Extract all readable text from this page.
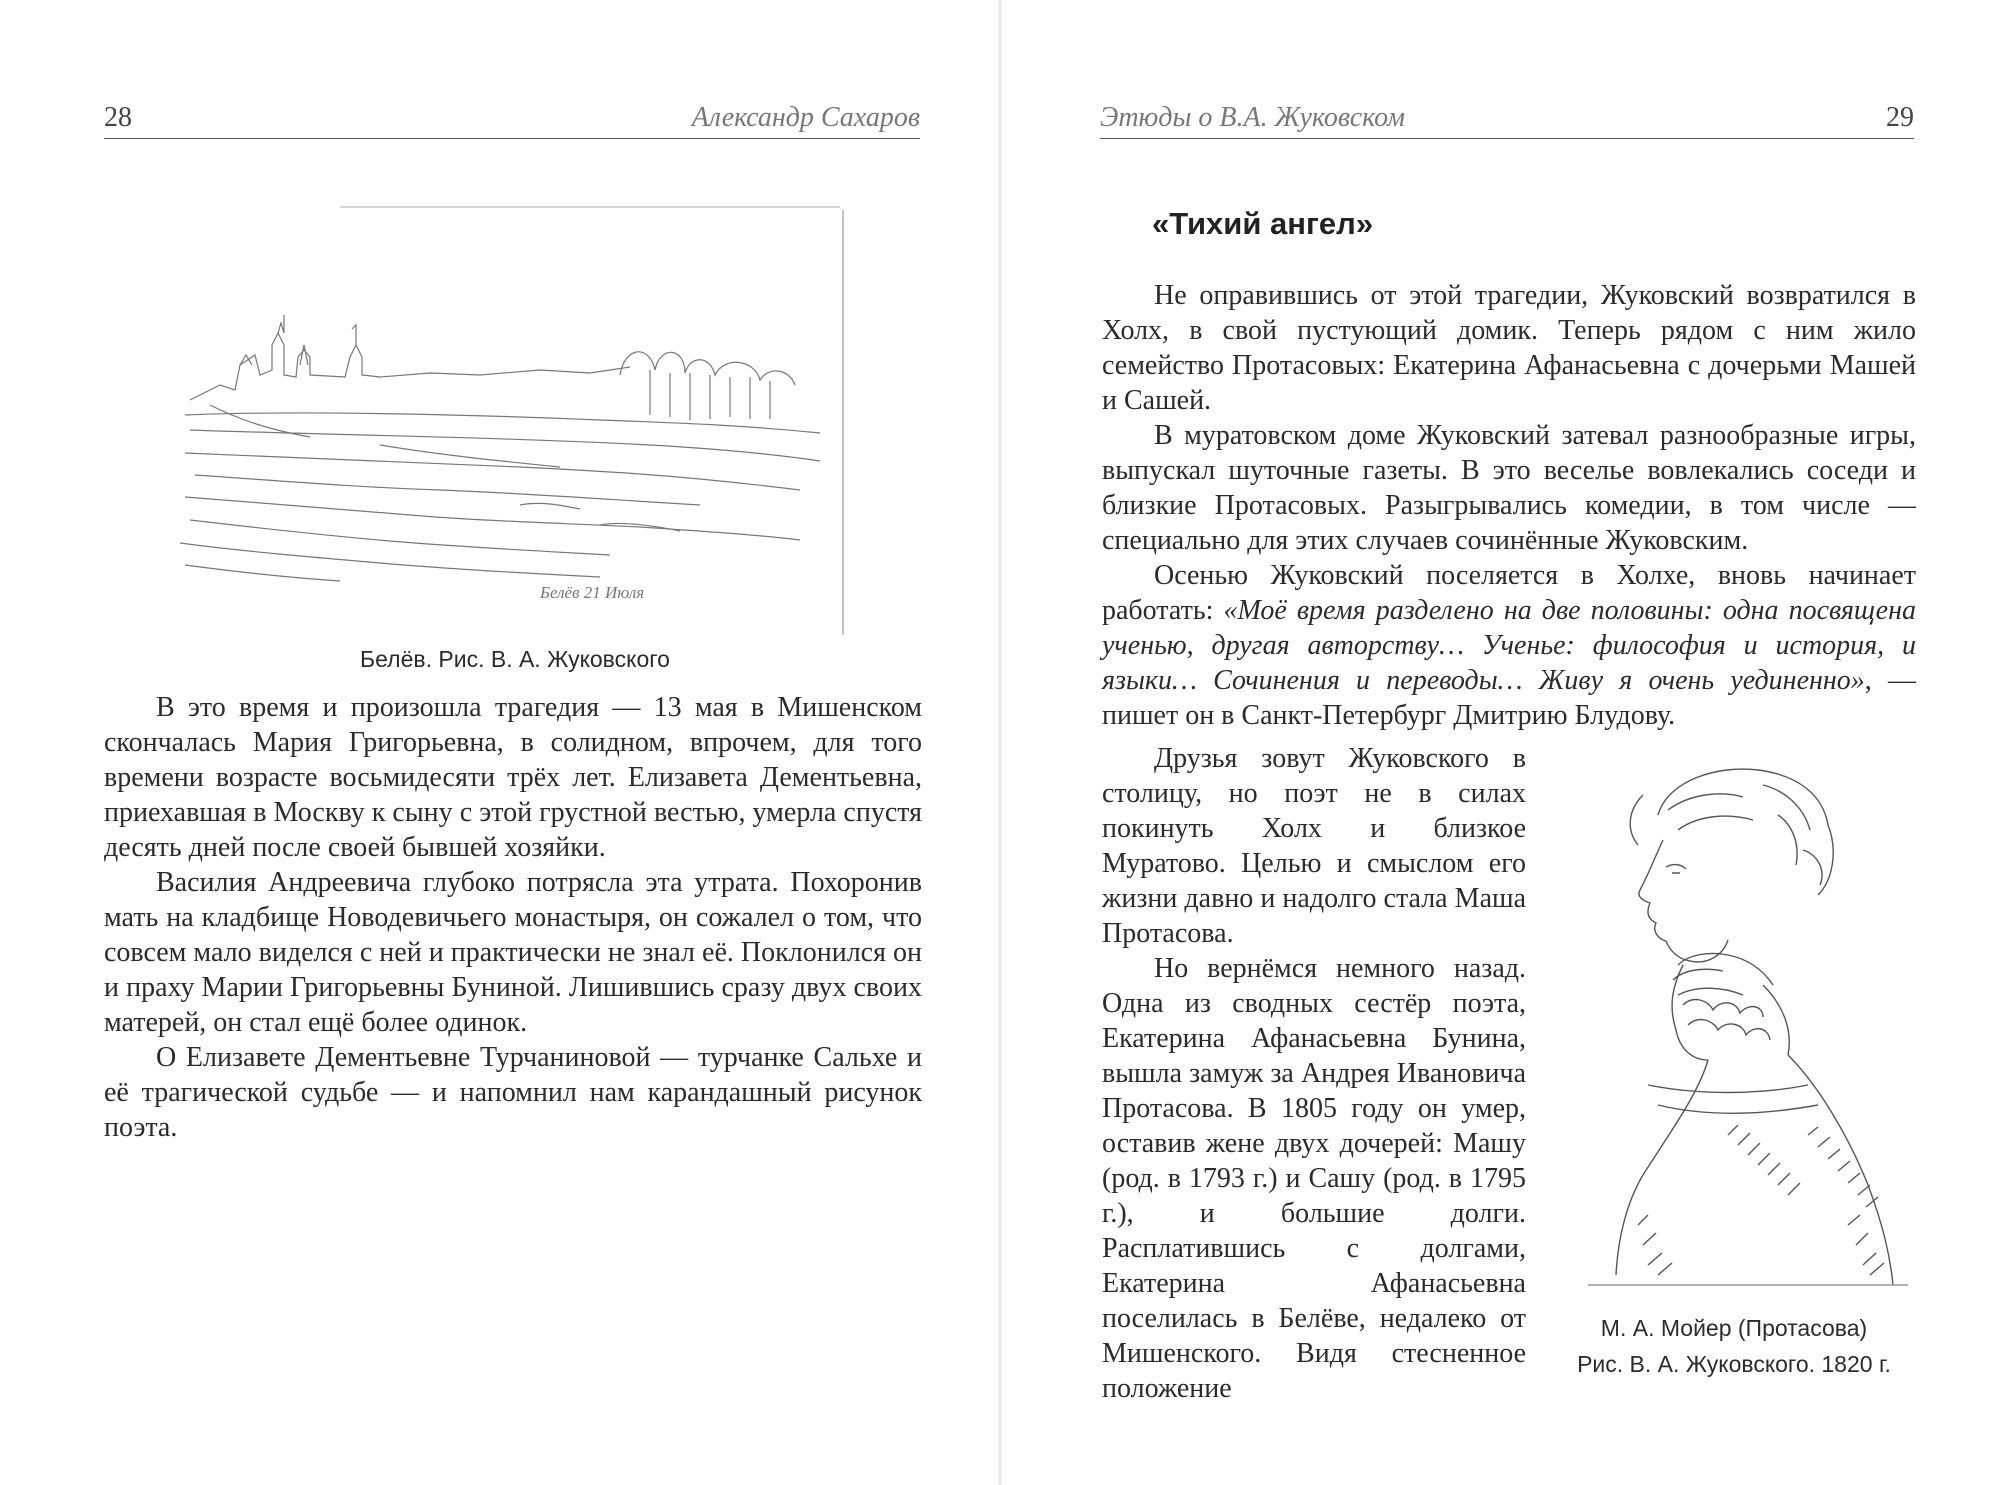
28	Александр Сахаров
Белёв 21 Июля
Белёв. Рис. В. А. Жуковского

В это время и произошла трагедия — 13 мая в Мишенском скончалась Мария Григорьевна, в солидном, впрочем, для того времени возрасте восьмидесяти трёх лет. Елизавета Дементьевна, приехавшая в Москву к сыну с этой грустной вестью, умерла спустя десять дней после своей бывшей хозяйки.

Василия Андреевича глубоко потрясла эта утрата. Похоронив мать на кладбище Новодевичьего монастыря, он сожалел о том, что совсем мало виделся с ней и практически не знал её. Поклонился он и праху Марии Григорьевны Буниной. Лишившись сразу двух своих матерей, он стал ещё более одинок.

О Елизавете Дементьевне Турчаниновой — турчанке Сальхе и её трагической судьбе — и напомнил нам карандашный рисунок поэта.

Этюды о В.А. Жуковском	29
«Тихий ангел»

Не оправившись от этой трагедии, Жуковский возвратился в Холх, в свой пустующий домик. Теперь рядом с ним жило семейство Протасовых: Екатерина Афанасьевна с дочерьми Машей и Сашей.

В муратовском доме Жуковский затевал разнообразные игры, выпускал шуточные газеты. В это веселье вовлекались соседи и близкие Протасовых. Разыгрывались комедии, в том числе — специально для этих случаев сочинённые Жуковским.

Осенью Жуковский поселяется в Холхе, вновь начинает работать: «Моё время разделено на две половины: одна посвящена ученью, другая авторству… Ученье: философия и история, и языки… Сочинения и переводы… Живу я очень уединенно», — пишет он в Санкт-Петербург Дмитрию Блудову.

Друзья зовут Жуковского в столицу, но поэт не в силах покинуть Холх и близкое Муратово. Целью и смыслом его жизни давно и надолго стала Маша Протасова.

Но вернёмся немного назад. Одна из сводных сестёр поэта, Екатерина Афанасьевна Бунина, вышла замуж за Андрея Ивановича Протасова. В 1805 году он умер, оставив жене двух дочерей: Машу (род. в 1793 г.) и Сашу (род. в 1795 г.), и большие долги. Расплатившись с долгами, Екатерина Афанасьевна поселилась в Белёве, недалеко от Мишенского. Видя стесненное положение

М. А. Мойер (Протасова)
Рис. В. А. Жуковского. 1820 г.
